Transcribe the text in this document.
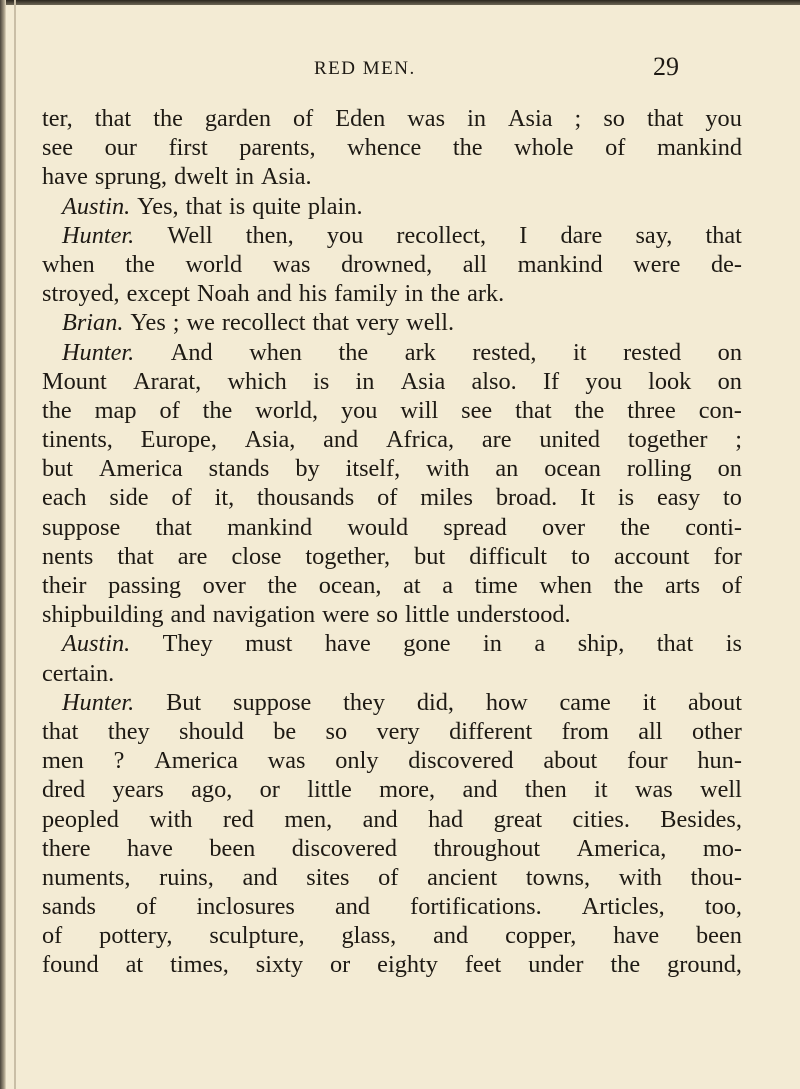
RED MEN.	29
ter, that the garden of Eden was in Asia ; so that you
see our first parents, whence the whole of mankind
have sprung, dwelt in Asia.
Austin. Yes, that is quite plain.
Hunter. Well then, you recollect, I dare say, that
when the world was drowned, all mankind were de-
stroyed, except Noah and his family in the ark.
Brian. Yes ; we recollect that very well.
Hunter. And when the ark rested, it rested on
Mount Ararat, which is in Asia also. If you look on
the map of the world, you will see that the three con-
tinents, Europe, Asia, and Africa, are united together ;
but America stands by itself, with an ocean rolling on
each side of it, thousands of miles broad. It is easy to
suppose that mankind would spread over the conti-
nents that are close together, but difficult to account for
their passing over the ocean, at a time when the arts of
shipbuilding and navigation were so little understood.
Austin. They must have gone in a ship, that is
certain.
Hunter. But suppose they did, how came it about
that they should be so very different from all other
men ? America was only discovered about four hun-
dred years ago, or little more, and then it was well
peopled with red men, and had great cities. Besides,
there have been discovered throughout America, mo-
numents, ruins, and sites of ancient towns, with thou-
sands of inclosures and fortifications. Articles, too,
of pottery, sculpture, glass, and copper, have been
found at times, sixty or eighty feet under the ground,
